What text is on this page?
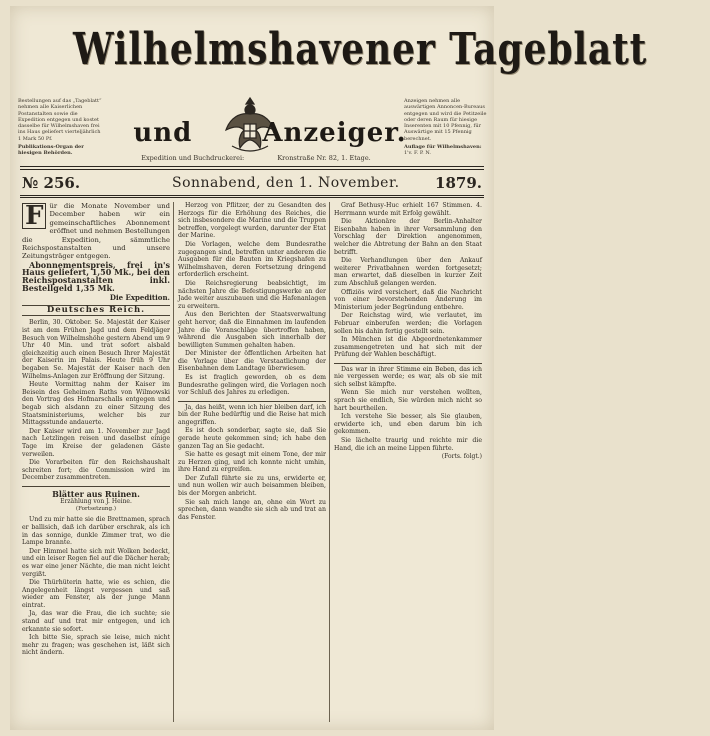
Wilhelmshavener Tageblatt
Bestellungen auf das „Tageblatt“ nehmen alle Kaiserlichen Postanstalten sowie die Expedition entgegen und kostet dasselbe für Wilhelmshaven frei ins Haus geliefert vierteljährlich 1 Mark 50 Pf.
Publikations-Organ der hiesigen Behörden.
und	Anzeiger.
Anzeigen nehmen alle auswärtigen Annoncen-Bureaus entgegen und wird die Petitzeile oder deren Raum für hiesige Inserenten mit 10 Pfennig, für Auswärtige mit 15 Pfennig berechnet.
Auflage für Wilhelmshaven:
1'v. F. P. N.
Expedition und Buchdruckerei:	Kronstraße Nr. 82, 1. Etage.
№ 256.	Sonnabend, den 1. November. 1879.

F ür die Monate November und December haben wir ein gemeinschaftliches Abonnement eröffnet und nehmen Bestellungen die Expedition, sämmtliche Reichspostanstalten und unsere Zeitungsträger entgegen.

Abonnementspreis, frei in's Haus geliefert, 1,50 Mk., bei den Reichspostanstalten inkl. Bestellgeld 1,35 Mk.

Die Expedition.
Deutsches Reich.

Berlin, 30. Oktober. Se. Majestät der Kaiser ist am dem Frühen Jagd und dem Feldjäger Besuch von Wilhelmshöhe gestern Abend um 9 Uhr 40 Min. und trat sofort alsbald gleichzeitig auch einen Besuch Ihrer Majestät der Kaiserin im Palais. Heute früh 9 Uhr begaben Se. Majestät der Kaiser nach den Wilhelms-Anlagen zur Eröffnung der Sitzung.

Heute Vormittag nahm der Kaiser im Beisein des Geheimen Raths von Wilmowski den Vortrag des Hofmarschalls entgegen und begab sich alsdann zu einer Sitzung des Staatsministeriums, welcher bis zur Mittagsstunde andauerte.

Der Kaiser wird am 1. November zur Jagd nach Letzlingen reisen und daselbst einige Tage im Kreise der geladenen Gäste verweilen.

Die Vorarbeiten für den Reichshaushalt schreiten fort; die Commission wird im December zusammentreten.

Blätter aus Ruinen.
Erzählung von J. Heine.
(Fortsetzung.)

Und zu mir hatte sie die Brettnamen, sprach er ballisich, daß ich darüber erschrak, als ich in das sonnige, dunkle Zimmer trat, wo die Lampe brannte.

Der Himmel hatte sich mit Wolken bedeckt, und ein leiser Regen fiel auf die Dächer herab; es war eine jener Nächte, die man nicht leicht vergißt.

Die Thürhüterin hatte, wie es schien, die Angelegenheit längst vergessen und saß wieder am Fenster, als der junge Mann eintrat.

Ja, das war die Frau, die ich suchte; sie stand auf und trat mir entgegen, und ich erkannte sie sofort.

Ich bitte Sie, sprach sie leise, mich nicht mehr zu fragen; was geschehen ist, läßt sich nicht ändern.

Herzog von Pflitzer, der zu Gesandten des Herzogs für die Erhöhung des Reiches, die sich insbesondere die Marine und die Truppen betreffen, vorgelegt wurden, darunter der Etat der Marine.

Die Vorlagen, welche dem Bundesrathe zugegangen sind, betreffen unter anderem die Ausgaben für die Bauten im Kriegshafen zu Wilhelmshaven, deren Fortsetzung dringend erforderlich erscheint.

Die Reichsregierung beabsichtigt, im nächsten Jahre die Befestigungswerke an der Jade weiter auszubauen und die Hafenanlagen zu erweitern.

Aus den Berichten der Staatsverwaltung geht hervor, daß die Einnahmen im laufenden Jahre die Voranschläge übertroffen haben, während die Ausgaben sich innerhalb der bewilligten Summen gehalten haben.

Der Minister der öffentlichen Arbeiten hat die Vorlage über die Verstaatlichung der Eisenbahnen dem Landtage überwiesen.

Es ist fraglich geworden, ob es dem Bundesrathe gelingen wird, die Vorlagen noch vor Schluß des Jahres zu erledigen.

Ja, das heißt, wenn ich hier bleiben darf, ich bin der Ruhe bedürftig und die Reise hat mich angegriffen.

Es ist doch sonderbar, sagte sie, daß Sie gerade heute gekommen sind; ich habe den ganzen Tag an Sie gedacht.

Sie hatte es gesagt mit einem Tone, der mir zu Herzen ging, und ich konnte nicht umhin, ihre Hand zu ergreifen.

Der Zufall führte sie zu uns, erwiderte er, und nun wollen wir auch beisammen bleiben, bis der Morgen anbricht.

Sie sah mich lange an, ohne ein Wort zu sprechen, dann wandte sie sich ab und trat an das Fenster.

Graf Bethusy-Huc erhielt 167 Stimmen. 4. Herrmann wurde mit Erfolg gewählt.

Die Aktionäre der Berlin-Anhalter Eisenbahn haben in ihrer Versammlung den Vorschlag der Direktion angenommen, welcher die Abtretung der Bahn an den Staat betrifft.

Die Verhandlungen über den Ankauf weiterer Privatbahnen werden fortgesetzt; man erwartet, daß dieselben in kurzer Zeit zum Abschluß gelangen werden.

Offiziös wird versichert, daß die Nachricht von einer bevorstehenden Änderung im Ministerium jeder Begründung entbehre.

Der Reichstag wird, wie verlautet, im Februar einberufen werden; die Vorlagen sollen bis dahin fertig gestellt sein.

In München ist die Abgeordnetenkammer zusammengetreten und hat sich mit der Prüfung der Wahlen beschäftigt.

Das war in ihrer Stimme ein Beben, das ich nie vergessen werde; es war, als ob sie mit sich selbst kämpfte.

Wenn Sie mich nur verstehen wollten, sprach sie endlich, Sie würden mich nicht so hart beurtheilen.

Ich verstehe Sie besser, als Sie glauben, erwiderte ich, und eben darum bin ich gekommen.

Sie lächelte traurig und reichte mir die Hand, die ich an meine Lippen führte.

(Forts. folgt.)
